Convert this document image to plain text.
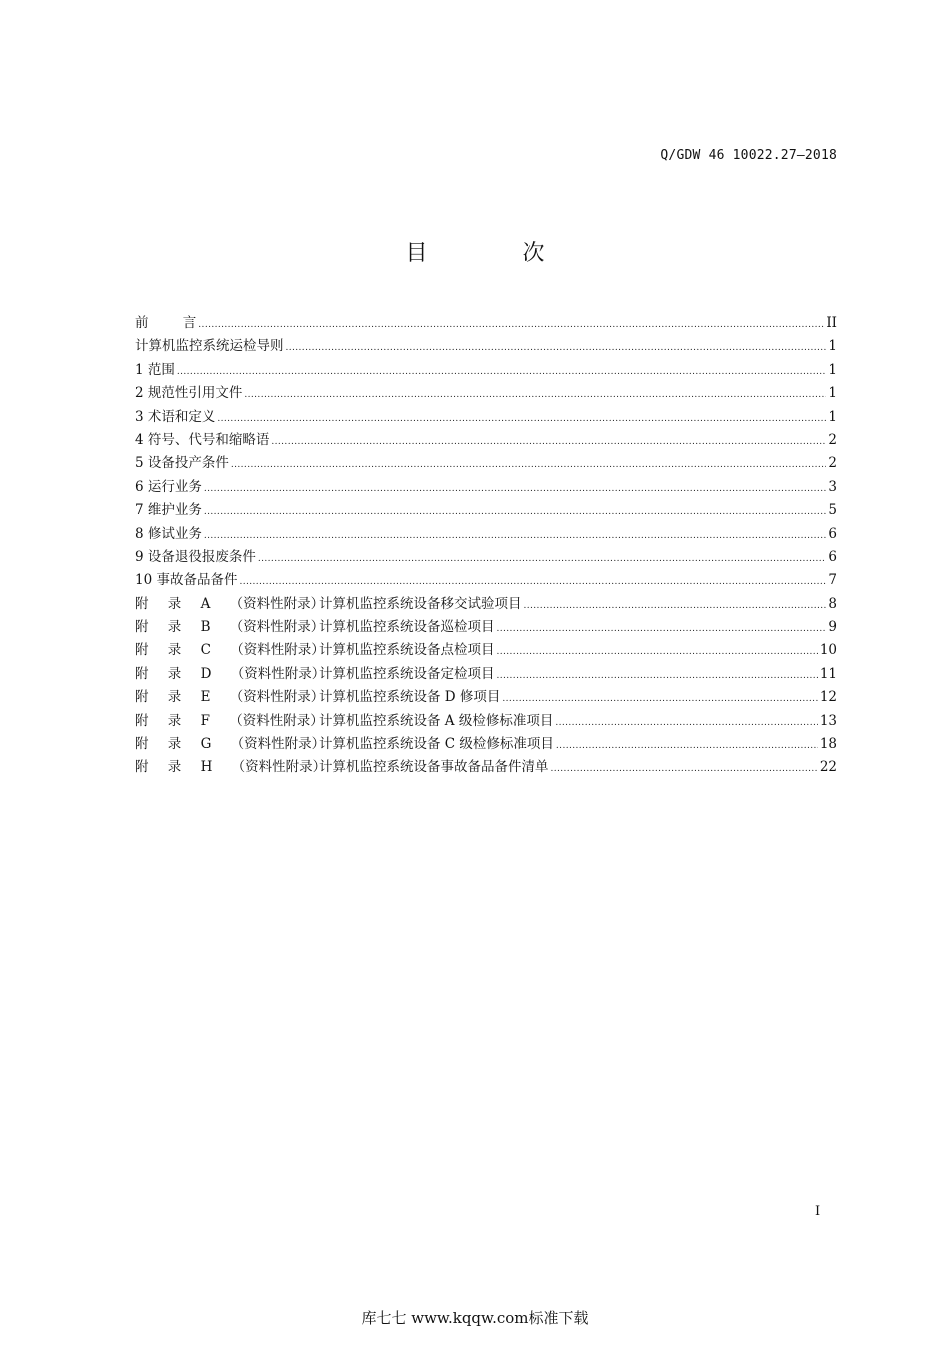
Q/GDW 46 10022.27—2018
目 次
前 言 .....	II
计算机监控系统运检导则 .....	1
1 范围 .....	1
2 规范性引用文件 .....	1
3 术语和定义 .....	1
4 符号、代号和缩略语 .....	2
5 设备投产条件 .....	2
6 运行业务 .....	3
7 维护业务 .....	5
8 修试业务 .....	6
9 设备退役报废条件 .....	6
10 事故备品备件 .....	7
附 录 A （资料性附录）计算机监控系统设备移交试验项目 .....	8
附 录 B （资料性附录）计算机监控系统设备巡检项目 .....	9
附 录 C （资料性附录）计算机监控系统设备点检项目 .....	10
附 录 D （资料性附录）计算机监控系统设备定检项目 .....	11
附 录 E （资料性附录）计算机监控系统设备 D 修项目 .....	12
附 录 F （资料性附录）计算机监控系统设备 A 级检修标准项目 .....	13
附 录 G （资料性附录）计算机监控系统设备 C 级检修标准项目 .....	18
附 录 H （资料性附录）计算机监控系统设备事故备品备件清单 .....	22
I
库七七 www.kqqw.com标准下载
